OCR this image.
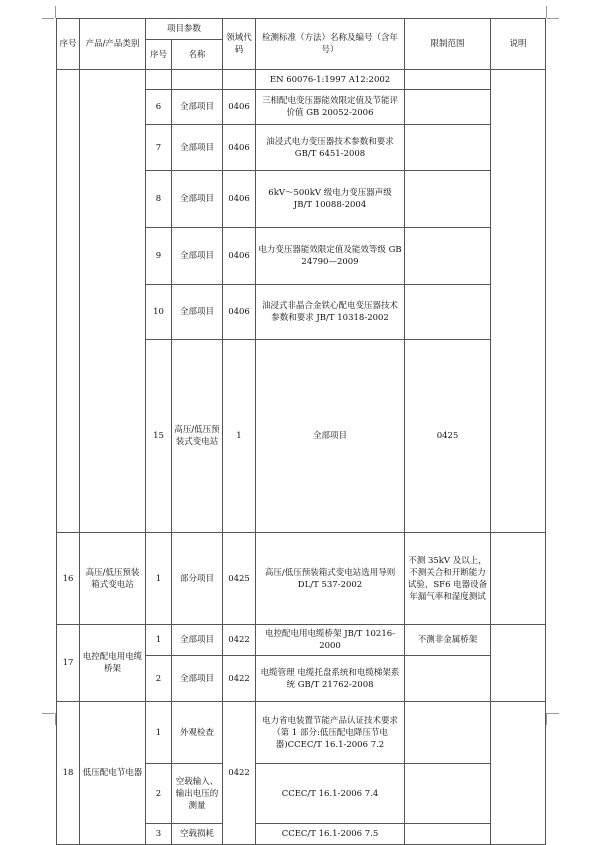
序号	产品/产品类别	项目参数		领域代码	检测标准（方法）名称及编号（含年号）	限制范围	说明	
		序号	名称					
					EN 60076-1:1997 A12:2002			
		6	全部项目	0406	三相配电变压器能效限定值及节能评价值 GB 20052-2006			
		7	全部项目	0406	油浸式电力变压器技术参数和要求 GB/T 6451-2008			
		8	全部项目	0406	6kV～500kV 级电力变压器声级 JB/T 10088-2004			
		9	全部项目	0406	电力变压器能效限定值及能效等级 GB 24790—2009			
		10	全部项目	0406	油浸式非晶合金铁心配电变压器技术参数和要求 JB/T 10318-2002			
		15	高压/低压预装式变电站	1	全部项目	0425			
16	高压/低压预装箱式变电站	1	部分项目	0425	高压/低压预装箱式变电站选用导则 DL/T 537-2002	不测 35kV 及以上，不测关合和开断能力试验，SF6 电器设备年漏气率和湿度测试		
17	电控配电用电缆桥架	1	全部项目	0422	电控配电用电缆桥架 JB/T 10216-2000	不测非金属桥架		
		2	全部项目	0422	电缆管理 电缆托盘系统和电缆梯架系统 GB/T 21762-2008			
18	低压配电节电器	1	外观检查	0422	电力省电装置节能产品认证技术要求（第 1 部分:低压配电降压节电器)CCEC/T 16.1-2006 7.2			
		2	空载输入、输出电压的测量		CCEC/T 16.1-2006 7.4			
		3	空载损耗		CCEC/T 16.1-2006 7.5			
